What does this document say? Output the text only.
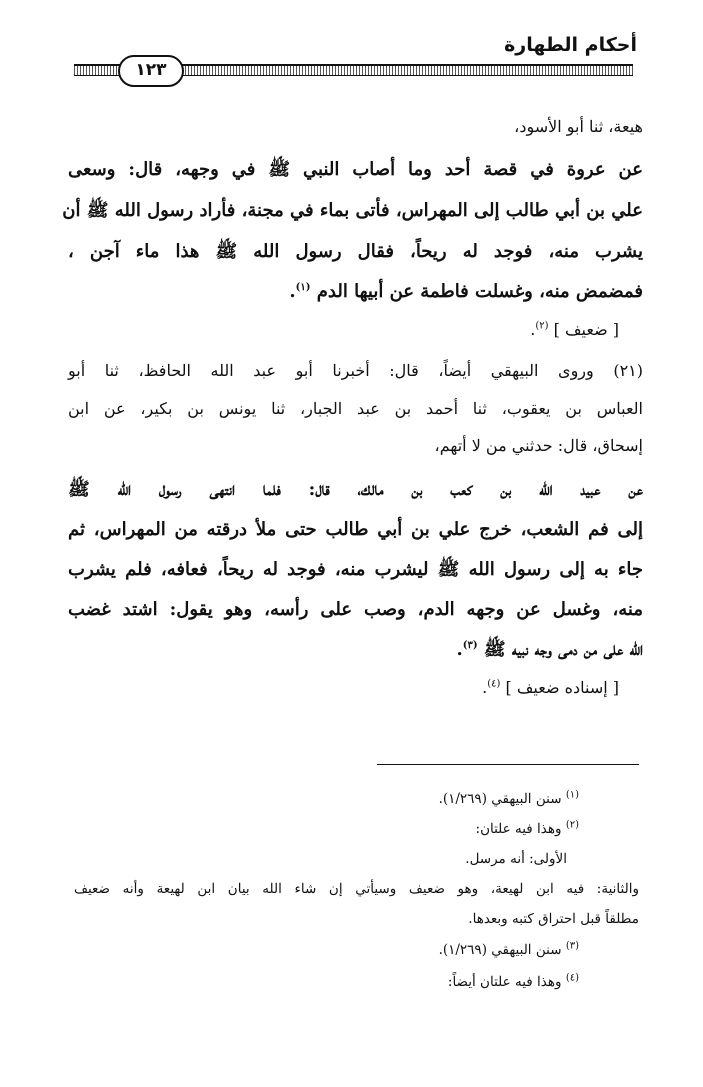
أحكام الطهارة
١٢٣
هيعة، ثنا أبو الأسود،
عن عروة في قصة أحد وما أصاب النبي ﷺ في وجهه، قال: وسعى
علي بن أبي طالب إلى المهراس، فأتى بماء في مجنة، فأراد رسول الله ﷺ أن
يشرب منه، فوجد له ريحاً، فقال رسول الله ﷺ هذا ماء آجن ،
فمضمض منه، وغسلت فاطمة عن أبيها الدم $^{(١)}$.
[ ضعيف ] $^{(٢)}$.
(٢١) وروى البيهقي أيضاً، قال: أخبرنا أبو عبد الله الحافظ، ثنا أبو
العباس بن يعقوب، ثنا أحمد بن عبد الجبار، ثنا يونس بن بكير، عن ابن
إسحاق، قال: حدثني من لا أتهم،
عن عبيد الله بن كعب بن مالك، قال: فلما انتهى رسول الله ﷺ
إلى فم الشعب، خرج علي بن أبي طالب حتى ملأ درقته من المهراس، ثم
جاء به إلى رسول الله ﷺ ليشرب منه، فوجد له ريحاً، فعافه، فلم يشرب
منه، وغسل عن وجهه الدم، وصب على رأسه، وهو يقول: اشتد غضب
الله على من دمى وجه نبيه ﷺ $^{(٣)}$.
[ إسناده ضعيف ] $^{(٤)}$.
$^{(١)}$ سنن البيهقي (١/٢٦٩).
$^{(٢)}$ وهذا فيه علتان:
الأولى: أنه مرسل.
والثانية: فيه ابن لهيعة، وهو ضعيف وسيأتي إن شاء الله بيان ابن لهيعة وأنه ضعيف
مطلقاً قبل احتراق كتبه وبعدها.
$^{(٣)}$ سنن البيهقي (١/٢٦٩).
$^{(٤)}$ وهذا فيه علتان أيضاً:
